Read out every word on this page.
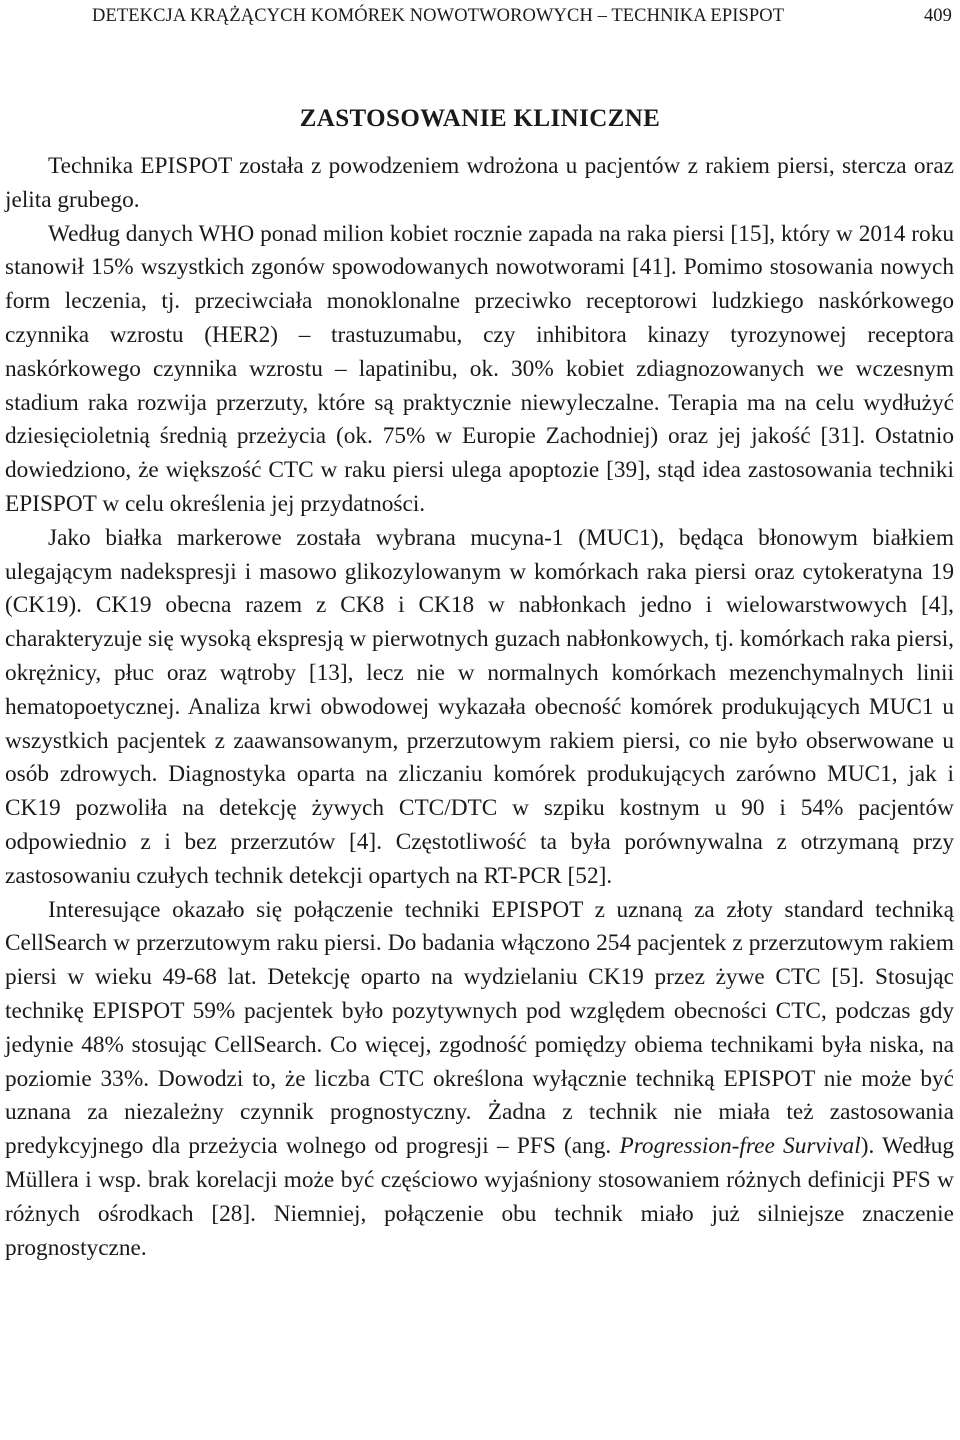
DETEKCJA KRĄŻĄCYCH KOMÓREK NOWOTWOROWYCH – TECHNIKA EPISPOT	409
ZASTOSOWANIE KLINICZNE

Technika EPISPOT została z powodzeniem wdrożona u pacjentów z rakiem piersi, stercza oraz jelita grubego.

Według danych WHO ponad milion kobiet rocznie zapada na raka piersi [15], który w 2014 roku stanowił 15% wszystkich zgonów spowodowanych nowotworami [41]. Pomimo stosowania nowych form leczenia, tj. przeciwciała monoklonalne przeciwko receptorowi ludzkiego naskórkowego czynnika wzrostu (HER2) – trastuzumabu, czy inhibitora kinazy tyrozynowej receptora naskórkowego czynnika wzrostu – lapatinibu, ok. 30% kobiet zdiagnozowanych we wczesnym stadium raka rozwija przerzuty, które są praktycznie niewyleczalne. Terapia ma na celu wydłużyć dziesięcioletnią średnią przeżycia (ok. 75% w Europie Zachodniej) oraz jej jakość [31]. Ostatnio dowiedziono, że większość CTC w raku piersi ulega apoptozie [39], stąd idea zastosowania techniki EPISPOT w celu określenia jej przydatności.

Jako białka markerowe została wybrana mucyna-1 (MUC1), będąca błonowym białkiem ulegającym nadekspresji i masowo glikozylowanym w komórkach raka piersi oraz cytokeratyna 19 (CK19). CK19 obecna razem z CK8 i CK18 w nabłonkach jedno i wielowarstwowych [4], charakteryzuje się wysoką ekspresją w pierwotnych guzach nabłonkowych, tj. komórkach raka piersi, okrężnicy, płuc oraz wątroby [13], lecz nie w normalnych komórkach mezenchymalnych linii hematopoetycznej. Analiza krwi obwodowej wykazała obecność komórek produkujących MUC1 u wszystkich pacjentek z zaawansowanym, przerzutowym rakiem piersi, co nie było obserwowane u osób zdrowych. Diagnostyka oparta na zliczaniu komórek produkujących zarówno MUC1, jak i CK19 pozwoliła na detekcję żywych CTC/​DTC w szpiku kostnym u 90 i 54% pacjentów odpowiednio z i bez przerzutów [4]. Częstotliwość ta była porównywalna z otrzymaną przy zastosowaniu czułych technik detekcji opartych na RT-PCR [52].

Interesujące okazało się połączenie techniki EPISPOT z uznaną za złoty standard techniką CellSearch w przerzutowym raku piersi. Do badania włączono 254 pacjentek z przerzutowym rakiem piersi w wieku 49-68 lat. Detekcję oparto na wydzielaniu CK19 przez żywe CTC [5]. Stosując technikę EPISPOT 59% pacjentek było pozytywnych pod względem obecności CTC, podczas gdy jedynie 48% stosując CellSearch. Co więcej, zgodność pomiędzy obiema technikami była niska, na poziomie 33%. Dowodzi to, że liczba CTC określona wyłącznie techniką EPISPOT nie może być uznana za niezależny czynnik prognostyczny. Żadna z technik nie miała też zastosowania predykcyjnego dla przeżycia wolnego od progresji – PFS (ang. Progression-free Survival). Według Müllera i wsp. brak korelacji może być częściowo wyjaśniony stosowaniem różnych definicji PFS w różnych ośrodkach [28]. Niemniej, połączenie obu technik miało już silniejsze znaczenie prognostyczne.
